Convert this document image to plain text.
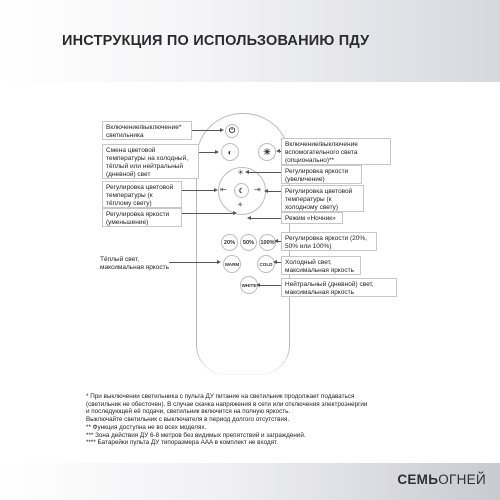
ИНСТРУКЦИЯ ПО ИСПОЛЬЗОВАНИЮ ПДУ
⏻
◐	☀
☀
⇤	⇥
☾
☀
20%	50%	100%
WARM	COLD
WHITE
Включение/выключение* светильника
Смена цветовой температуры на холодный, тёплый или нейтральный (дневной) свет
Регулировка цветовой температуры (к тёплому свету)
Регулировка яркости (уменьшение)
Тёплый свет, максимальная яркость
Включение/выключение вспомогательного света (опционально)**
Регулировка яркости (увеличение)
Регулировка цветовой температуры (к холодному свету)
Режим «Ночник»
Регулировка яркости (20%, 50% или 100%)
Холодный свет, максимальная яркость
Нейтральный (дневной) свет, максимальная яркость
* При выключении светильника с пульта ДУ питание на светильник продолжает подаваться
(светильник не обесточен). В случае скачка напряжения в сети или отключения электроэнергии
и последующей её подачи, светильник включится на полную яркость.
Выключайте светильник с выключателя в период долгого отсутствия.
** Функция доступна не во всех моделях.
*** Зона действия ДУ 6-8 метров без видимых препятствий и заграждений.
**** Батарейки пульта ДУ типоразмера AAA в комплект не входят.
СЕМЬОГНЕЙ
